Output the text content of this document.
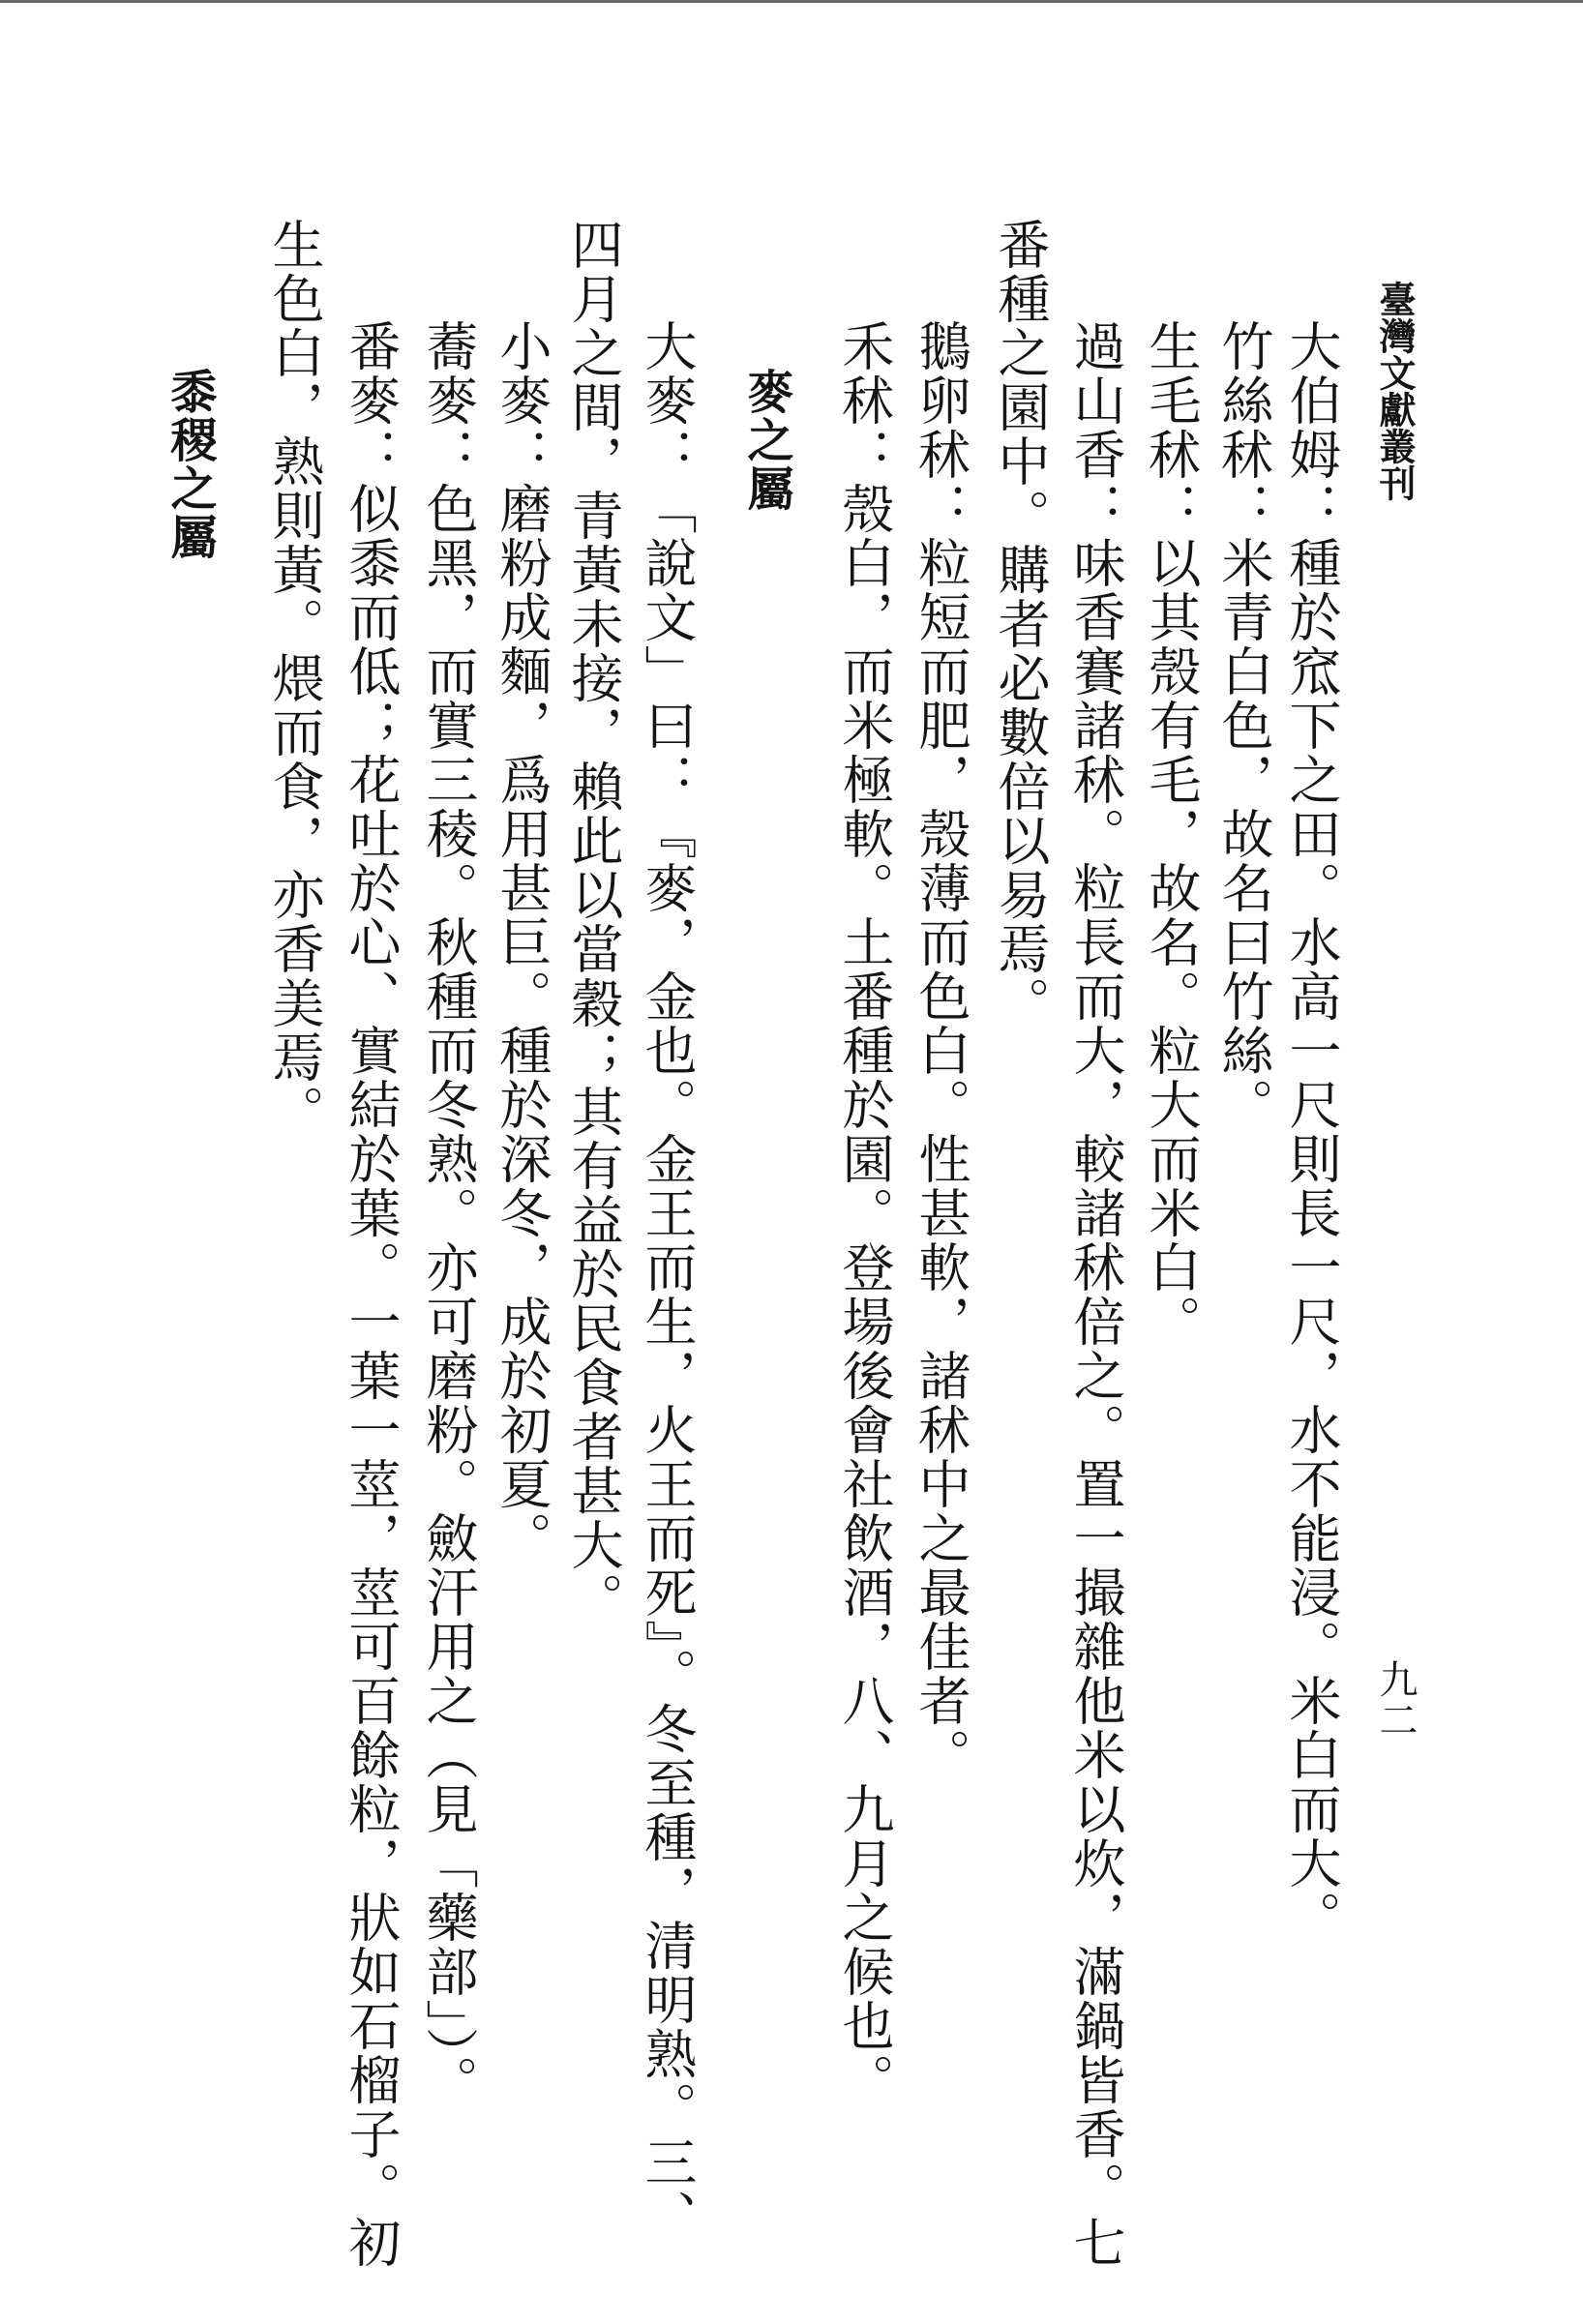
臺灣文獻叢刊
九二
大伯姆：種於窊下之田。水高一尺則長一尺，水不能浸。米白而大。
竹絲秫：米青白色，故名曰竹絲。
生毛秫：以其殼有毛，故名。粒大而米白。
過山香：味香賽諸秫。粒長而大，較諸秫倍之。置一撮雜他米以炊，滿鍋皆香。七
番種之園中。購者必數倍以易焉。
鵝卵秫：粒短而肥，殼薄而色白。性甚軟，諸秫中之最佳者。
禾秫：殼白，而米極軟。土番種於園。登場後會社飲酒，八、九月之候也。
麥之屬
大麥：「說文」曰：『麥，金也。金王而生，火王而死』。冬至種，清明熟。三、
四月之間，青黃未接，賴此以當穀；其有益於民食者甚大。
小麥：磨粉成麵，爲用甚巨。種於深冬，成於初夏。
蕎麥：色黑，而實三稜。秋種而冬熟。亦可磨粉。斂汗用之（見「藥部」）。
番麥：似黍而低；花吐於心、實結於葉。一葉一莖，莖可百餘粒，狀如石榴子。初
生色白，熟則黃。煨而食，亦香美焉。
黍稷之屬
